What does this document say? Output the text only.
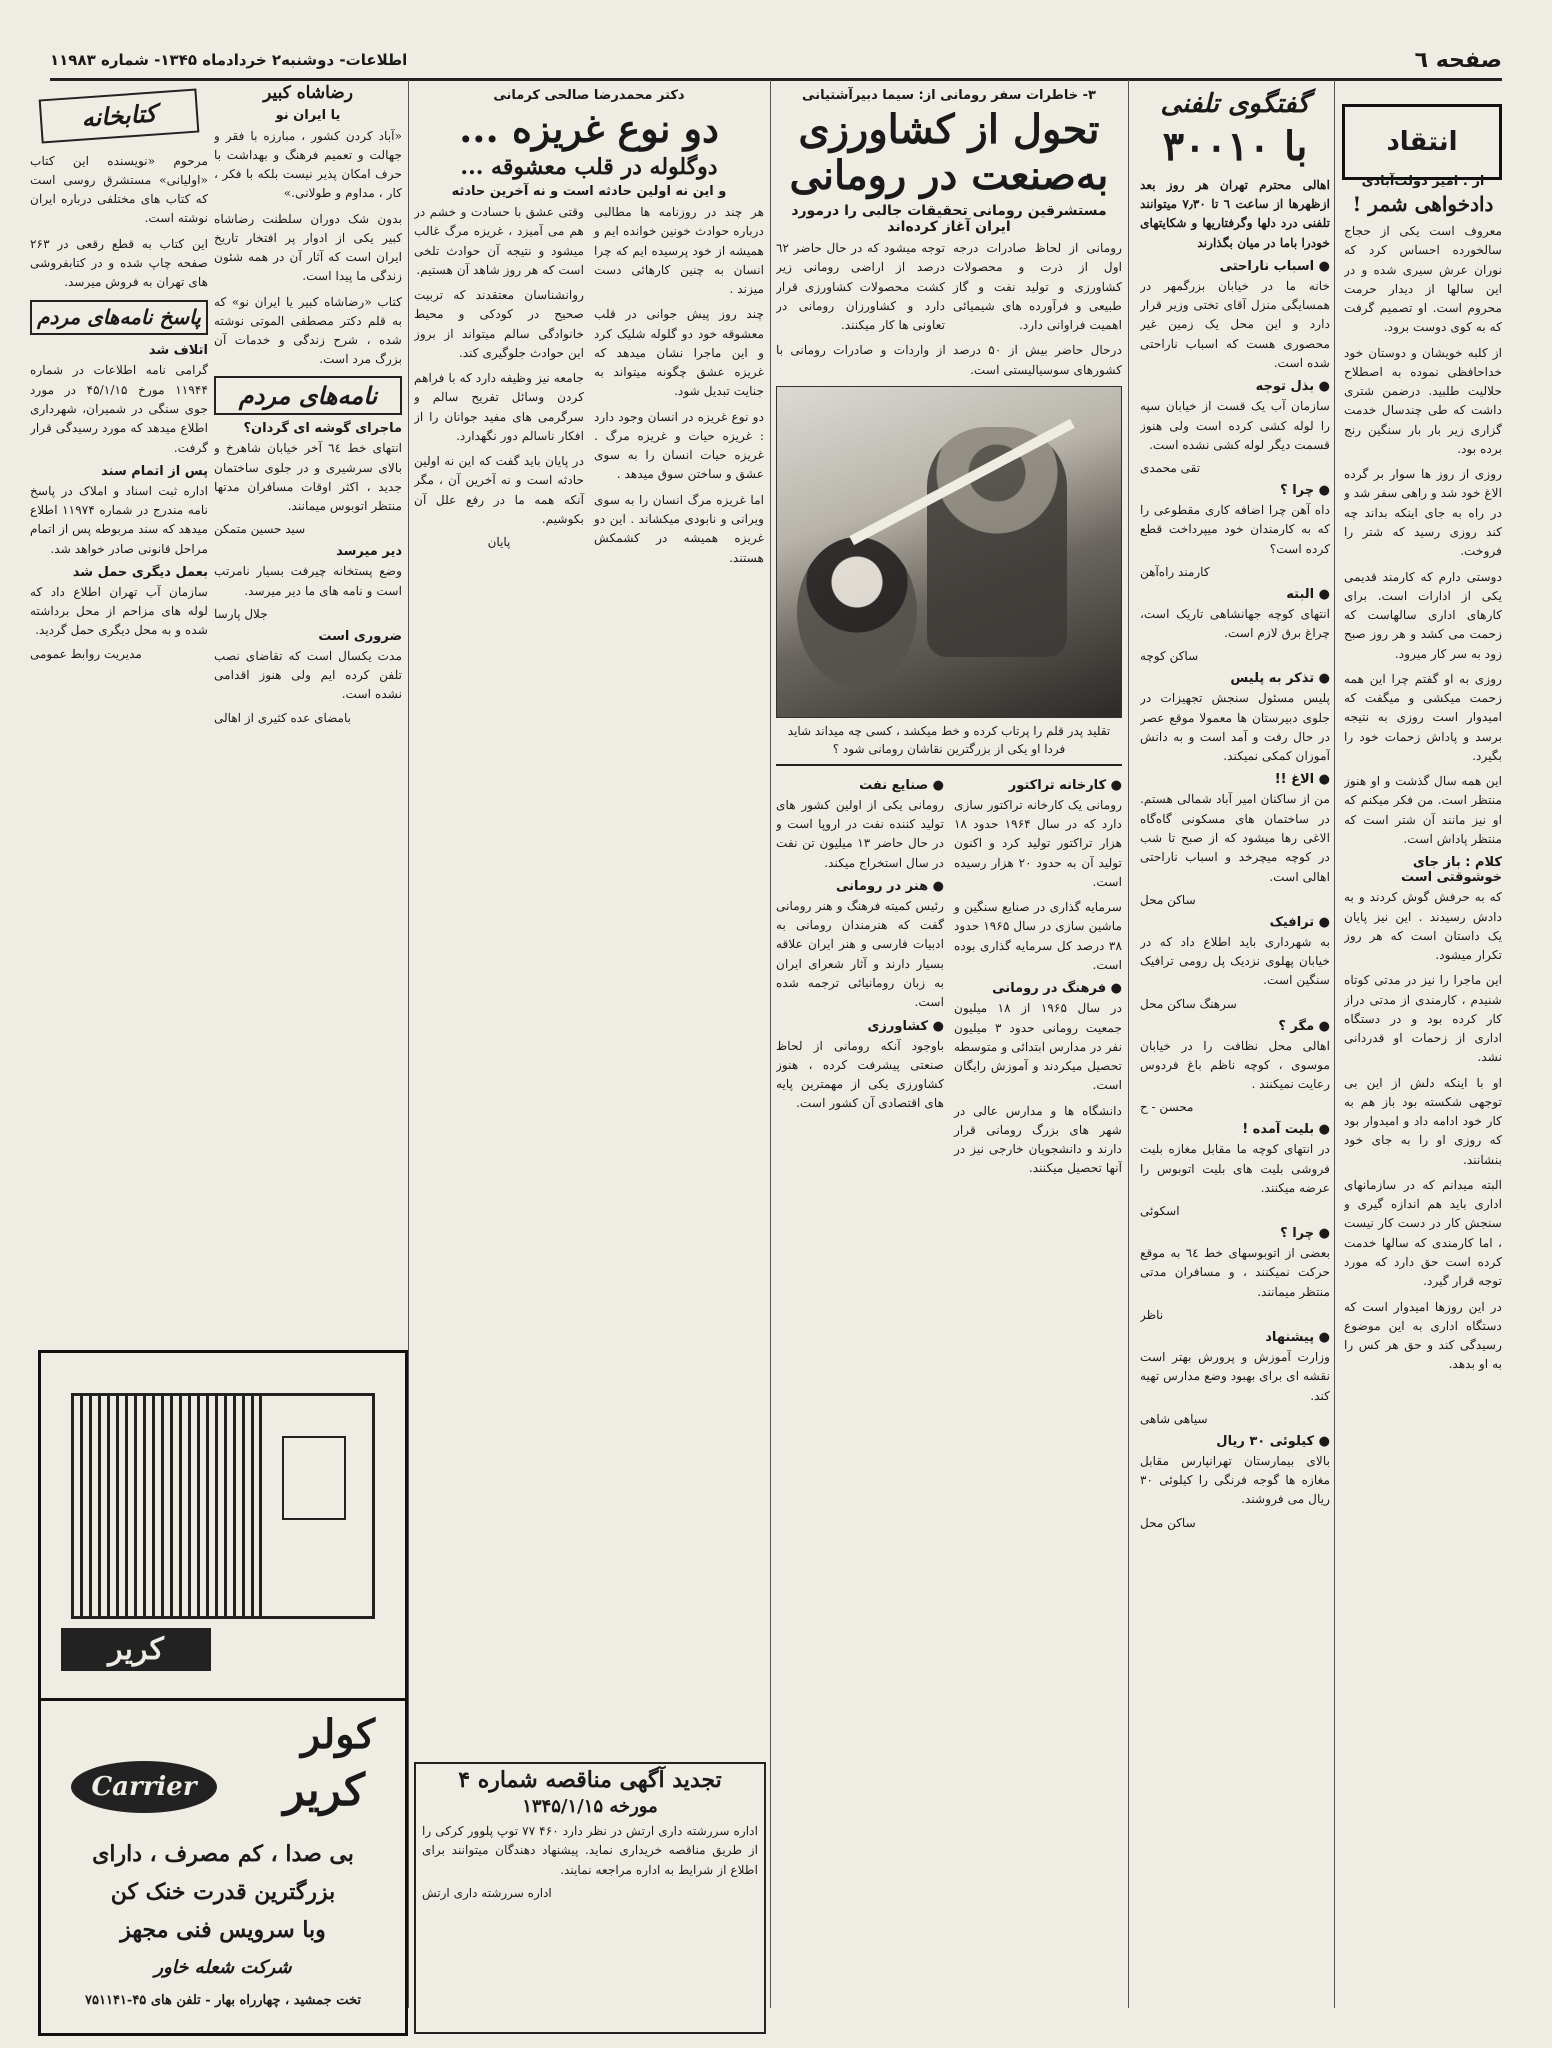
صفحه ٦
اطلاعات- دوشنبه۲ خردادماه ۱۳۴۵- شماره ۱۱۹۸۳
انتقاد
گفتگوی تلفنی
با ۳۰۰۱۰

اهالی محترم تهران هر روز بعد ازظهرها از ساعت ٦ تا ۷٫۳۰ میتوانند تلفنی درد دلها وگرفتاریها و شکایتهای خودرا باما در میان بگذارند

● اسباب ناراحتی

خانه ما در خیابان بزرگمهر در همسایگی منزل آقای تختی وزیر قرار دارد و این محل یک زمین غیر محصوری هست که اسباب ناراحتی شده است.

● بذل توجه

سازمان آب یک قست از خیابان سپه را لوله کشی کرده است ولی هنوز قسمت دیگر لوله کشی نشده است.

تقی محمدی
● چرا ؟

داه آهن چرا اضافه کاری مقطوعی را که به کارمندان خود میپرداخت قطع کرده است؟

کارمند راه‌آهن
● البته

انتهای کوچه جهانشاهی تاریک است، چراغ برق لازم است.

ساکن کوچه
● تذکر به پلیس

پلیس مسئول سنجش تجهیزات در جلوی دبیرستان ها معمولا موقع عصر در حال رفت و آمد است و به دانش آموزان کمکی نمیکند.

● الاغ !!

من از ساکنان امیر آباد شمالی هستم. در ساختمان های مسکونی گاه‌گاه الاغی رها میشود که از صبح تا شب در کوچه میچرخد و اسباب ناراحتی اهالی است.

ساکن محل
● ترافیک

به شهرداری باید اطلاع داد که در خیابان پهلوی نزدیک پل رومی ترافیک سنگین است.

سرهنگ ساکن محل
● مگر ؟

اهالی محل نظافت را در خیابان موسوی ، کوچه ناظم باغ فردوس رعایت نمیکنند .

محسن - ح
● بلیت آمده !

در انتهای کوچه ما مقابل مغازه بلیت فروشی بلیت های بلیت اتوبوس را عرضه میکنند.

اسکوئی
● چرا ؟

بعضی از اتوبوسهای خط ٦٤ به موقع حرکت نمیکنند ، و مسافران مدتی منتظر میمانند.

ناظر
● پیشنهاد

وزارت آموزش و پرورش بهتر است نقشه ای برای بهبود وضع مدارس تهیه کند.

سیاهی شاهی
● کیلوئی ۳۰ ریال

بالای بیمارستان تهرانپارس مقابل مغازه ها گوجه فرنگی را کیلوئی ۳۰ ریال می فروشند.

ساکن محل
از : امیر دولت‌آبادی
دادخواهی شمر !

معروف است یکی از حجاج سالخورده احساس کرد که نوران عرش سیری شده و در این سالها از دیدار حرمت محروم است. او تصمیم گرفت که به کوی دوست برود.

از کلبه خویشان و دوستان خود خداحافظی نموده به اصطلاح حلالیت طلبید. درضمن شتری داشت که طی چندسال خدمت گزاری زیر بار بار سنگین رنج برده بود.

روزی از روز ها سوار بر گرده الاغ خود شد و راهی سفر شد و در راه به جای اینکه بداند چه کند روزی رسید که شتر را فروخت.

دوستی دارم که کارمند قدیمی یکی از ادارات است. برای کارهای اداری سالهاست که زحمت می کشد و هر روز صبح زود به سر کار میرود.

روزی به او گفتم چرا این همه زحمت میکشی و میگفت که امیدوار است روزی به نتیجه برسد و پاداش زحمات خود را بگیرد.

این همه سال گذشت و او هنوز منتظر است. من فکر میکنم که او نیز مانند آن شتر است که منتظر پاداش است.

کلام : باز جای خوشوقتی است

که به حرفش گوش کردند و به دادش رسیدند . این نیز پایان یک داستان است که هر روز تکرار میشود.

این ماجرا را نیز در مدتی کوتاه شنیدم ، کارمندی از مدتی دراز کار کرده بود و در دستگاه اداری از زحمات او قدردانی نشد.

او با اینکه دلش از این بی توجهی شکسته بود باز هم به کار خود ادامه داد و امیدوار بود که روزی او را به جای خود بنشانند.

البته میدانم که در سازمانهای اداری باید هم اندازه گیری و سنجش کار در دست کار نیست ، اما کارمندی که سالها خدمت کرده است حق دارد که مورد توجه قرار گیرد.

در این روزها امیدوار است که دستگاه اداری به این موضوع رسیدگی کند و حق هر کس را به او بدهد.

۳- خاطرات سفر رومانی از: سیما دبیرآشتیانی
تحول از کشاورزی
به‌صنعت در رومانی
مستشرقین رومانی تحقیقات جالبی را درمورد ایران آغاز کرده‌اند

رومانی از لحاظ صادرات درجه اول از ذرت و محصولات کشاورزی و تولید نفت و گاز طبیعی و فرآورده های شیمیائی اهمیت فراوانی دارد.

توجه میشود که در حال حاضر ٦۲ درصد از اراضی رومانی زیر کشت محصولات کشاورزی قرار دارد و کشاورزان رومانی در تعاونی ها کار میکنند.

درحال حاضر بیش از ۵۰ درصد از واردات و صادرات رومانی با کشورهای سوسیالیستی است.

تقلید پدر قلم را پرتاب کرده و خط میکشد ، کسی چه میداند شاید فردا او یکی از بزرگترین نقاشان رومانی شود ؟
● کارخانه تراکتور

رومانی یک کارخانه تراکتور سازی دارد که در سال ۱۹۶۴ حدود ۱۸ هزار تراکتور تولید کرد و اکنون تولید آن به حدود ۲۰ هزار رسیده است.

سرمایه گذاری در صنایع سنگین و ماشین سازی در سال ۱۹۶۵ حدود ۳۸ درصد کل سرمایه گذاری بوده است.

● فرهنگ در رومانی

در سال ۱۹۶۵ از ۱۸ میلیون جمعیت رومانی حدود ۳ میلیون نفر در مدارس ابتدائی و متوسطه تحصیل میکردند و آموزش رایگان است.

دانشگاه ها و مدارس عالی در شهر های بزرگ رومانی قرار دارند و دانشجویان خارجی نیز در آنها تحصیل میکنند.

● صنایع نفت

رومانی یکی از اولین کشور های تولید کننده نفت در اروپا است و در حال حاضر ۱۳ میلیون تن نفت در سال استخراج میکند.

● هنر در رومانی

رئیس کمیته فرهنگ و هنر رومانی گفت که هنرمندان رومانی به ادبیات فارسی و هنر ایران علاقه بسیار دارند و آثار شعرای ایران به زبان رومانیائی ترجمه شده است.

● کشاورزی

باوجود آنکه رومانی از لحاظ صنعتی پیشرفت کرده ، هنوز کشاورزی یکی از مهمترین پایه های اقتصادی آن کشور است.

دکتر محمدرضا صالحی کرمانی
دو نوع غریزه ...
دوگلوله در قلب معشوقه ...
و این نه اولین حادثه است و نه آخرین حادثه

هر چند در روزنامه ها مطالبی درباره حوادث خونین خوانده ایم و همیشه از خود پرسیده ایم که چرا انسان به چنین کارهائی دست میزند .

چند روز پیش جوانی در قلب معشوقه خود دو گلوله شلیک کرد و این ماجرا نشان میدهد که غریزه عشق چگونه میتواند به جنایت تبدیل شود.

دو نوع غریزه در انسان وجود دارد : غریزه حیات و غریزه مرگ . غریزه حیات انسان را به سوی عشق و ساختن سوق میدهد .

اما غریزه مرگ انسان را به سوی ویرانی و نابودی میکشاند . این دو غریزه همیشه در کشمکش هستند.

وقتی عشق با حسادت و خشم در هم می آمیزد ، غریزه مرگ غالب میشود و نتیجه آن حوادث تلخی است که هر روز شاهد آن هستیم.

روانشناسان معتقدند که تربیت صحیح در کودکی و محیط خانوادگی سالم میتواند از بروز این حوادث جلوگیری کند.

جامعه نیز وظیفه دارد که با فراهم کردن وسائل تفریح سالم و سرگرمی های مفید جوانان را از افکار ناسالم دور نگهدارد.

در پایان باید گفت که این نه اولین حادثه است و نه آخرین آن ، مگر آنکه همه ما در رفع علل آن بکوشیم.

پایان
تجدید آگهی مناقصه شماره ۴
مورخه ۱۳۴۵/۱/۱۵

اداره سررشته داری ارتش در نظر دارد ۴۶۰ ۷۷ توپ پلوور کرکی را از طریق مناقصه خریداری نماید. پیشنهاد دهندگان میتوانند برای اطلاع از شرایط به اداره مراجعه نمایند.

اداره سررشته داری ارتش
رضاشاه کبیر
یا ایران نو

«آباد کردن کشور ، مبارزه با فقر و جهالت و تعمیم فرهنگ و بهداشت با حرف امکان پذیر نیست بلکه با فکر ، کار ، مداوم و طولانی.»

بدون شک دوران سلطنت رضاشاه کبیر یکی از ادوار پر افتخار تاریخ ایران است که آثار آن در همه شئون زندگی ما پیدا است.

کتاب «رضاشاه کبیر یا ایران نو» که به قلم دکتر مصطفی الموتی نوشته شده ، شرح زندگی و خدمات آن بزرگ مرد است.

نامه‌های مردم
ماجرای گوشه ای گردان؟

انتهای خط ٦٤ آخر خیابان شاهرخ و بالای سرشیری و در جلوی ساختمان جدید ، اکثر اوقات مسافران مدتها منتظر اتوبوس میمانند.

سید حسین متمکن
دیر میرسد

وضع پستخانه چیرفت بسیار نامرتب است و نامه های ما دیر میرسد.

جلال پارسا
ضروری است

مدت یکسال است که تقاضای نصب تلفن کرده ایم ولی هنوز اقدامی نشده است.

بامضای عده کثیری از اهالی
کتابخانه

مرحوم «نویسنده این کتاب «اولیانی» مستشرق روسی است که کتاب های مختلفی درباره ایران نوشته است.

این کتاب به قطع رقعی در ۲۶۳ صفحه چاپ شده و در کتابفروشی های تهران به فروش میرسد.

پاسخ نامه‌های مردم
اتلاف شد

گرامی نامه اطلاعات در شماره ۱۱۹۴۴ مورخ ۴۵/۱/۱۵ در مورد جوی سنگی در شمیران، شهرداری اطلاع میدهد که مورد رسیدگی قرار گرفت.

پس از اتمام سند

اداره ثبت اسناد و املاک در پاسخ نامه مندرج در شماره ۱۱۹۷۴ اطلاع میدهد که سند مربوطه پس از اتمام مراحل قانونی صادر خواهد شد.

بعمل دیگری حمل شد

سازمان آب تهران اطلاع داد که لوله های مزاحم از محل برداشته شده و به محل دیگری حمل گردید.

مدیریت روابط عمومی
کریر
Carrier
کولر
کریر
بی صدا ، کم مصرف ، دارای
بزرگترین قدرت خنک کن
وبا سرویس فنی مجهز
شرکت شعله خاور
تخت جمشید ، چهارراه بهار - تلفن های ۴۵-۷۵۱۱۴۱
